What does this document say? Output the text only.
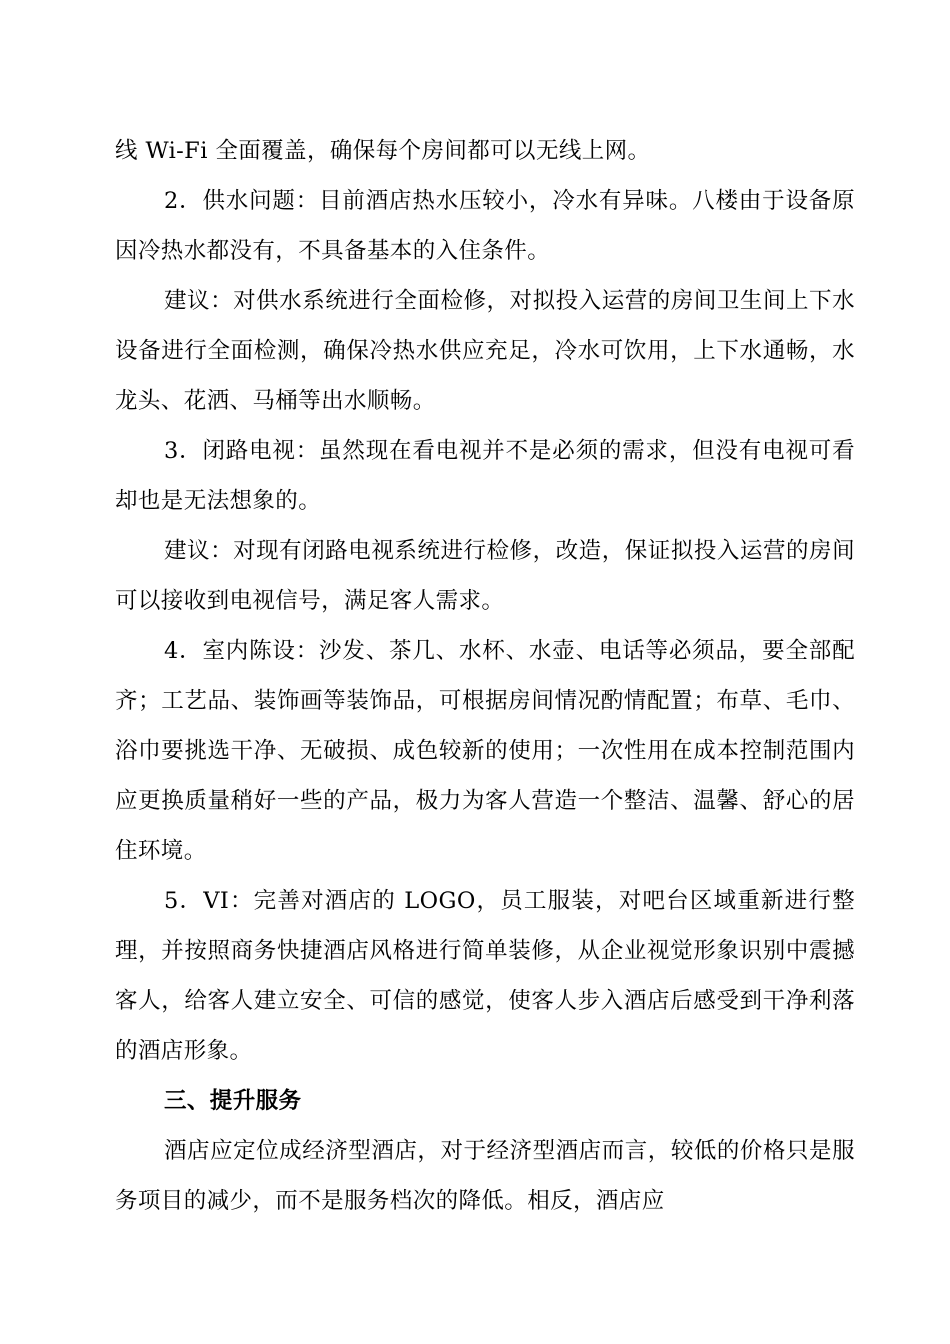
线 Wi-Fi 全面覆盖，确保每个房间都可以无线上网。

2．供水问题：目前酒店热水压较小，冷水有异味。八楼由于设备原因冷热水都没有，不具备基本的入住条件。

建议：对供水系统进行全面检修，对拟投入运营的房间卫生间上下水设备进行全面检测，确保冷热水供应充足，冷水可饮用，上下水通畅，水龙头、花洒、马桶等出水顺畅。

3．闭路电视：虽然现在看电视并不是必须的需求，但没有电视可看却也是无法想象的。

建议：对现有闭路电视系统进行检修，改造，保证拟投入运营的房间可以接收到电视信号，满足客人需求。

4．室内陈设：沙发、茶几、水杯、水壶、电话等必须品，要全部配齐；工艺品、装饰画等装饰品，可根据房间情况酌情配置；布草、毛巾、浴巾要挑选干净、无破损、成色较新的使用；一次性用在成本控制范围内应更换质量稍好一些的产品，极力为客人营造一个整洁、温馨、舒心的居住环境。

5．VI：完善对酒店的 LOGO，员工服装，对吧台区域重新进行整理，并按照商务快捷酒店风格进行简单装修，从企业视觉形象识别中震撼客人，给客人建立安全、可信的感觉，使客人步入酒店后感受到干净利落的酒店形象。

三、提升服务

酒店应定位成经济型酒店，对于经济型酒店而言，较低的价格只是服务项目的减少，而不是服务档次的降低。相反，酒店应
